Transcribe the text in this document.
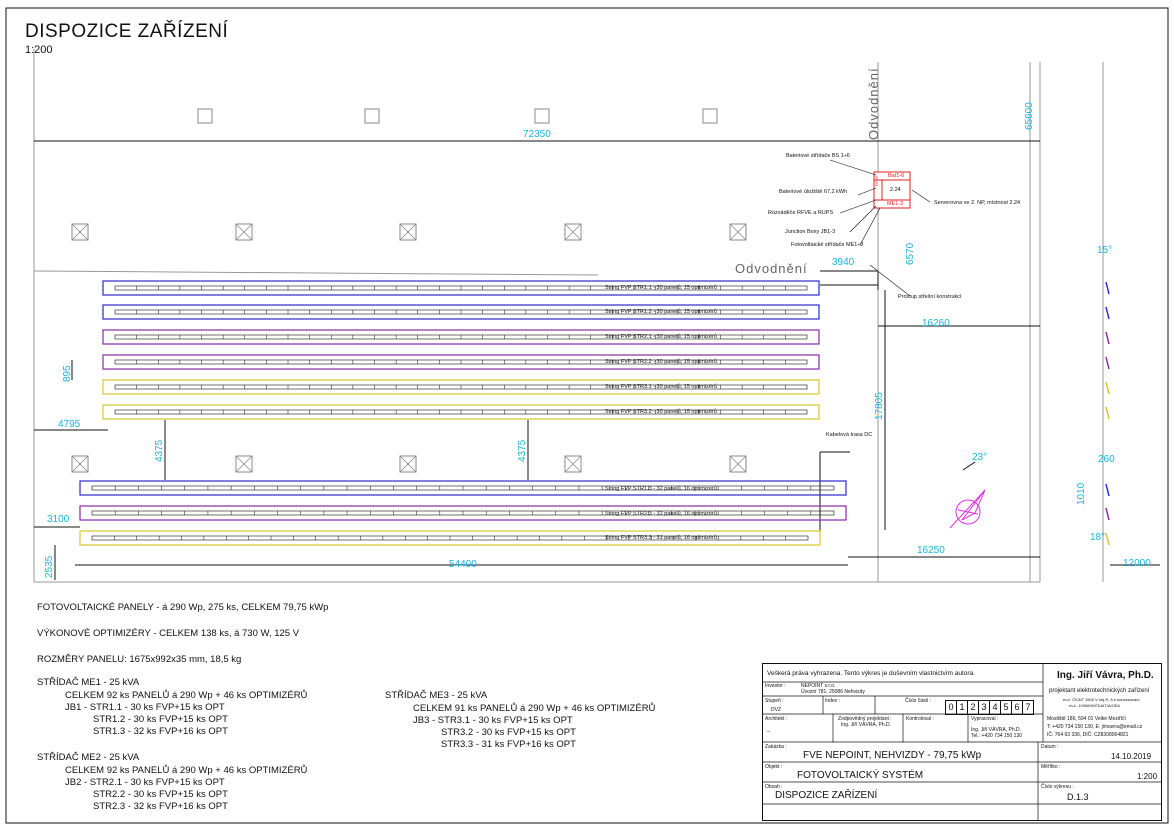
DISPOZICE ZAŘÍZENÍ
1:200
72350
65600
3940	6570
16260
17805
895
4795
4375	4375
3100
2535	54400
16250
12000
15°
23°	260
1010
18°
Odvodnění
Odvodnění
Bateriové střídače BS 1÷6
Bateriové úložiště 67,2 kWh
Rozváděče RFVE a RUPS
Junction Boxy JB1-3
Fotovoltaické střídače ME1÷3
Serverovna ve 2. NP, místnost 2.24
Prostup střešní konstrukcí
Kabelová trasa DC
Bat1-6
2.24
ME1-3
RFVE
String FVP STR1.1 - 30 panelů, 15 optimizérů
String FVP STR1.2 - 30 panelů, 15 optimizérů
String FVP STR2.1 - 30 panelů, 15 optimizérů
String FVP STR2.2 - 30 panelů, 15 optimizérů
String FVP STR3.1 - 30 panelů, 15 optimizérů
String FVP STR3.2 - 30 panelů, 15 optimizérů
String FVP STR1.3 - 32 panelů, 16 optimizérů
String FVP STR2.3 - 32 panelů, 16 optimizérů
String FVP STR3.3 - 31 panelů, 16 optimizérů
FOTOVOLTAICKÉ PANELY - á 290 Wp, 275 ks, CELKEM 79,75 kWp
VÝKONOVÉ OPTIMIZÉRY - CELKEM 138 ks, á 730 W, 125 V
ROZMĚRY PANELU: 1675x992x35 mm, 18,5 kg
STŘÍDAČ ME1 - 25 kVA
CELKEM 92 ks PANELŮ á 290 Wp + 46 ks OPTIMIZÉRŮ
JB1 - STR1.1 - 30 ks FVP+15 ks OPT
STR1.2 - 30 ks FVP+15 ks OPT
STR1.3 - 32 ks FVP+16 ks OPT
STŘÍDAČ ME2 - 25 kVA
CELKEM 92 ks PANELŮ á 290 Wp + 46 ks OPTIMIZÉRŮ
JB2 - STR2.1 - 30 ks FVP+15 ks OPT
STR2.2 - 30 ks FVP+15 ks OPT
STR2.3 - 32 ks FVP+16 ks OPT
STŘÍDAČ ME3 - 25 kVA
CELKEM 91 ks PANELŮ á 290 Wp + 46 ks OPTIMIZÉRŮ
JB3 - STR3.1 - 30 ks FVP+15 ks OPT
STR3.2 - 30 ks FVP+15 ks OPT
STR3.3 - 31 ks FVP+16 ks OPT
Veškerá práva vyhrazena. Tento výkres je duševním vlastnictvím autora.	Ing. Jiří Vávra, Ph.D.
projektant elektrotechnických zařízení
ev.č. ČKAIT 1500 V obj.R, A e koncesovaní
ev.č. 1006690/ČKAIT/A/OEA
Mostiště 186, 594 01 Velké Meziříčí
T: +420 734 150 130, E: jirivavra@email.cz
IČ: 764 63 336, DIČ: CZ8308064821
Investor :	NEPOINT s.r.o.
Úvozní 781, 25086 Nehvizdy
Stupeň :
DVZ
Index :	Číslo části :
0 1 2 3 4 5 6 7
Architekt :
--
Zodpovědný projektant :
Ing. Jiří VÁVRA, Ph.D.
Kontroloval :	Vypracoval :
Ing. Jiří VÁVRA, Ph.D.
Tel.: +420 734 150 130
Zakázka :
FVE NEPOINT, NEHVIZDY - 79,75 kWp
Datum :
14.10.2019
Objekt :
FOTOVOLTAICKÝ SYSTÉM
Měřítko :
1:200
Obsah :
DISPOZICE ZAŘÍZENÍ
Číslo výkresu :
D.1.3
